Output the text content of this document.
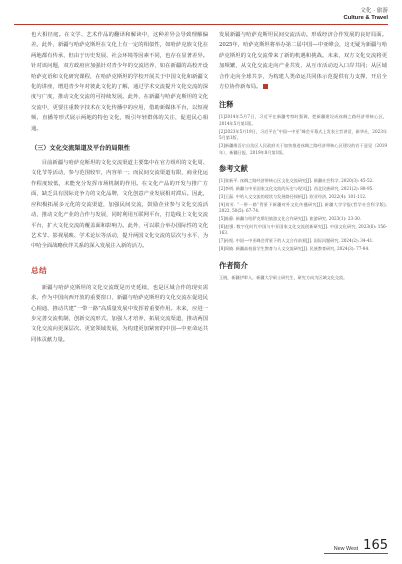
文化 · 旅游
Culture & Travel

也大相径庭。在文学、艺术作品的翻译和解读中，这种差异会导致理解偏差。此外，新疆与哈萨克斯坦在文化上有一定的相似性，如哈萨克族文化在两地都有传承，但由于历史发展、社会环境等因素不同，也存在显著差异。针对该问题，双方政府应加强针对青少年的交流培养，如在新疆的高校开设哈萨克语和文化研究课程，在哈萨克斯坦的学校开展关于中国文化和新疆文化的讲座，增进青少年对彼此文化的了解，通过学术交流提升文化交流的深度与广度，推动文化交流的可持续发展。此外，在新疆与哈萨克斯坦的文化交流中，更要注重数字技术在文化传播中的应用，借助新媒体平台，以短视频、直播等形式展示两地的特色文化，吸引年轻群体的关注，促进民心相通。

（三）文化交流渠道及平台的局限性

目前新疆与哈萨克斯坦的文化交流渠道主要集中在官方组织的文化周、文化节等活动，参与范围较窄，内容单一；而民间交流渠道有限，商业化运作程度较低，未能充分发挥市场机制的作用。在文化产品的开发与推广方面，缺乏具有国际竞争力的文化品牌，文化创意产业发展相对滞后。因此，应积极拓展多元化的交流渠道，加强民间交流，鼓励企业参与文化交流活动，推动文化产业的合作与发展，同时利用互联网平台，打造线上文化交流平台，扩大文化交流的覆盖面和影响力。此外，可以联合举办国际性的文化艺术节、影视展映、学术论坛等活动，提升两国文化交流的层次与水平，为中哈全面战略伙伴关系的深入发展注入新的活力。

总结

新疆与哈萨克斯坦的文化交流既是历史延续，也是区域合作的现实需求。作为中国向西开放的重要窗口，新疆与哈萨克斯坦的文化交流在促进民心相通、推动共建“一带一路”高质量发展中发挥着重要作用。未来，应进一步完善交流机制，创新交流形式，加强人才培养，拓展交流渠道，推动两国文化交流向更深层次、更宽领域发展，为构建更加紧密的中国—中亚命运共同体贡献力量。

发展新疆与哈萨克斯坦民间交流活动。形成经济合作发展的良好局面。2025年，哈萨克斯坦将举办第二届中国—中亚峰会，这无疑为新疆与哈萨克斯坦的文化交流带来了新的机遇和挑战。未来，双方文化交流将更加频繁，从文化交流走向产业共发，从互市活动迈入口岸共同；从区域合作走向全球共享，为构建人类命运共同体示范提供有力支撑，开启全方位协作新布局。

注释
[1]2014年5月7日，习近平在新疆考察时强调，把新疆建设成丝绸之路经济带核心区，2014年5月第1版。
[2]2023年5月19日，习近平在“中国—中亚”峰会开幕式上发表主旨讲话，新华社，2023年5月第1版。
[3]新疆维吾尔自治区人民政府关于加快推进丝绸之路经济带核心区建设的若干意见（2019年），新疆日报，2019年8月第1版。
参考文献
[1]张新平. 丝绸之路经济带核心区文化交流研究[J]. 新疆社会科学, 2020(3): 45-52.
[2]李明. 新疆与中亚国家文化交流的历史与现实[J]. 西北民族研究, 2021(2): 88-95.
[3]王磊. 中哈人文交流的现状与发展路径探析[J]. 欧亚经济, 2022(4): 101-112.
[4]刘芳. “一带一路”背景下新疆对外文化传播研究[J]. 新疆大学学报(哲学社会科学版), 2022, 50(5): 67-74.
[5]陈静. 新疆与哈萨克斯坦旅游文化合作研究[J]. 旅游研究, 2023(1): 23-30.
[6]赵强. 数字化时代中国与中亚国家文化交流创新研究[J]. 中国文化研究, 2023(6): 156-163.
[7]孙悦. 中国—中亚峰会背景下的人文合作前景[J]. 国际问题研究, 2024(2): 34-41.
[8]周晓. 新疆高校留学生教育与人文交流研究[J]. 民族教育研究, 2024(3): 77-84.
作者简介
王晓，新疆伊犁人，新疆大学硕士研究生，研究方向为区域文化交流。
New West 165
